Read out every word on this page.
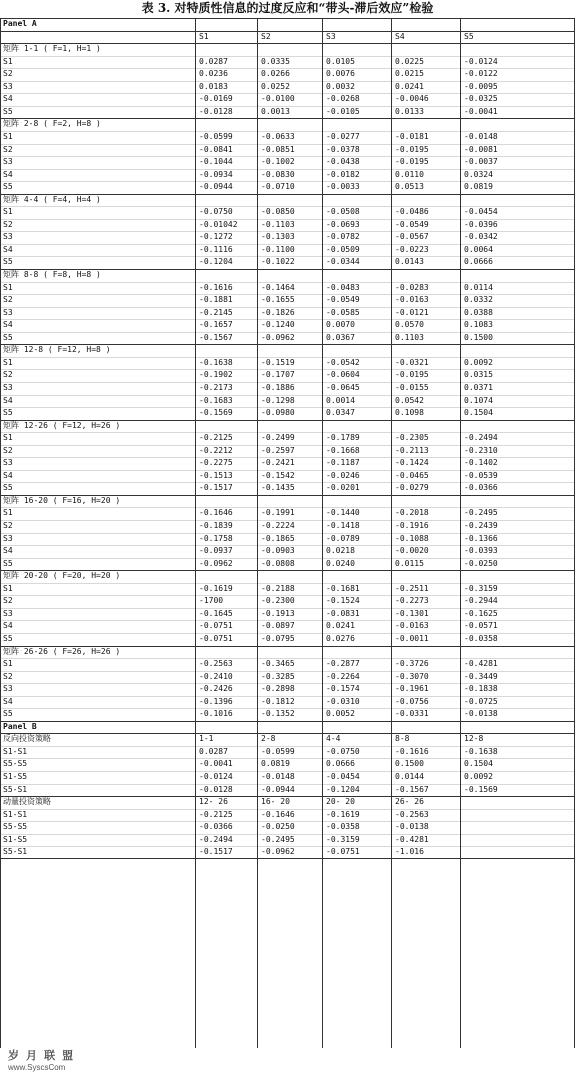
表 3. 对特质性信息的过度反应和“带头-滞后效应”检验
Panel A
S1	S2	S3	S4	S5
矩阵 1-1 ( F=1, H=1 )
S1	0.0287	0.0335	0.0105	0.0225	-0.0124
S2	0.0236	0.0266	0.0076	0.0215	-0.0122
S3	0.0183	0.0252	0.0032	0.0241	-0.0095
S4	-0.0169	-0.0100	-0.0268	-0.0046	-0.0325
S5	-0.0128	0.0013	-0.0105	0.0133	-0.0041
矩阵 2-8 ( F=2, H=8 )
S1	-0.0599	-0.0633	-0.0277	-0.0181	-0.0148
S2	-0.0841	-0.0851	-0.0378	-0.0195	-0.0081
S3	-0.1044	-0.1002	-0.0438	-0.0195	-0.0037
S4	-0.0934	-0.0830	-0.0182	0.0110	0.0324
S5	-0.0944	-0.0710	-0.0033	0.0513	0.0819
矩阵 4-4 ( F=4, H=4 )
S1	-0.0750	-0.0850	-0.0508	-0.0486	-0.0454
S2	-0.01042	-0.1103	-0.0693	-0.0549	-0.0396
S3	-0.1272	-0.1303	-0.0782	-0.0567	-0.0342
S4	-0.1116	-0.1100	-0.0509	-0.0223	0.0064
S5	-0.1204	-0.1022	-0.0344	0.0143	0.0666
矩阵 8-8 ( F=8, H=8 )
S1	-0.1616	-0.1464	-0.0483	-0.0283	0.0114
S2	-0.1881	-0.1655	-0.0549	-0.0163	0.0332
S3	-0.2145	-0.1826	-0.0585	-0.0121	0.0388
S4	-0.1657	-0.1240	0.0070	0.0570	0.1083
S5	-0.1567	-0.0962	0.0367	0.1103	0.1500
矩阵 12-8 ( F=12, H=8 )
S1	-0.1638	-0.1519	-0.0542	-0.0321	0.0092
S2	-0.1902	-0.1707	-0.0604	-0.0195	0.0315
S3	-0.2173	-0.1886	-0.0645	-0.0155	0.0371
S4	-0.1683	-0.1298	0.0014	0.0542	0.1074
S5	-0.1569	-0.0980	0.0347	0.1098	0.1504
矩阵 12-26 ( F=12, H=26 )
S1	-0.2125	-0.2499	-0.1789	-0.2305	-0.2494
S2	-0.2212	-0.2597	-0.1668	-0.2113	-0.2310
S3	-0.2275	-0.2421	-0.1187	-0.1424	-0.1402
S4	-0.1513	-0.1542	-0.0246	-0.0465	-0.0539
S5	-0.1517	-0.1435	-0.0201	-0.0279	-0.0366
矩阵 16-20 ( F=16, H=20 )
S1	-0.1646	-0.1991	-0.1440	-0.2018	-0.2495
S2	-0.1839	-0.2224	-0.1418	-0.1916	-0.2439
S3	-0.1758	-0.1865	-0.0789	-0.1088	-0.1366
S4	-0.0937	-0.0903	0.0218	-0.0020	-0.0393
S5	-0.0962	-0.0808	0.0240	0.0115	-0.0250
矩阵 20-20 ( F=20, H=20 )
S1	-0.1619	-0.2188	-0.1681	-0.2511	-0.3159
S2	-1700	-0.2300	-0.1524	-0.2273	-0.2944
S3	-0.1645	-0.1913	-0.0831	-0.1301	-0.1625
S4	-0.0751	-0.0897	0.0241	-0.0163	-0.0571
S5	-0.0751	-0.0795	0.0276	-0.0011	-0.0358
矩阵 26-26 ( F=26, H=26 )
S1	-0.2563	-0.3465	-0.2877	-0.3726	-0.4281
S2	-0.2410	-0.3285	-0.2264	-0.3070	-0.3449
S3	-0.2426	-0.2898	-0.1574	-0.1961	-0.1838
S4	-0.1396	-0.1812	-0.0310	-0.0756	-0.0725
S5	-0.1016	-0.1352	0.0052	-0.0331	-0.0138
Panel B
反向投资策略	1-1	2-8	4-4	8-8	12-8
S1-S1	0.0287	-0.0599	-0.0750	-0.1616	-0.1638
S5-S5	-0.0041	0.0819	0.0666	0.1500	0.1504
S1-S5	-0.0124	-0.0148	-0.0454	0.0144	0.0092
S5-S1	-0.0128	-0.0944	-0.1204	-0.1567	-0.1569
动量投资策略	12- 26	16- 20	20- 20	26- 26
S1-S1	-0.2125	-0.1646	-0.1619	-0.2563
S5-S5	-0.0366	-0.0250	-0.0358	-0.0138
S1-S5	-0.2494	-0.2495	-0.3159	-0.4281
S5-S1	-0.1517	-0.0962	-0.0751	-1.016
岁 月 联 盟
www.SyscsCom
